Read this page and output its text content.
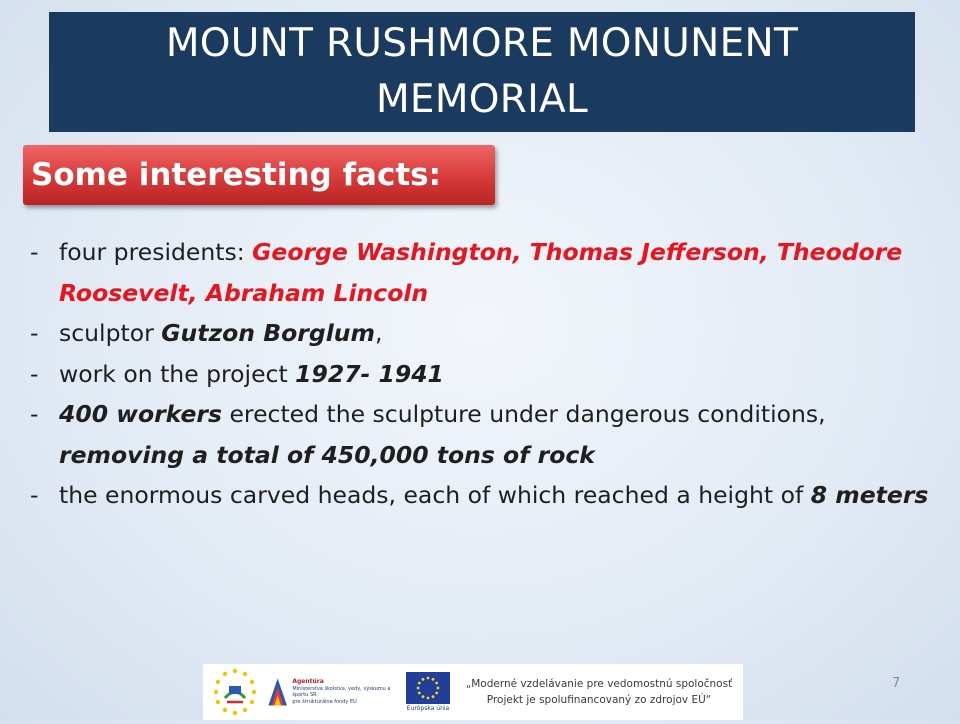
MOUNT RUSHMORE MONUNENT MEMORIAL
Some interesting facts:
- four presidents: George Washington, Thomas Jefferson, Theodore Roosevelt, Abraham Lincoln
- sculptor Gutzon Borglum,
- work on the project 1927- 1941
- 400 workers erected the sculpture under dangerous conditions, removing a total of 450,000 tons of rock
- the enormous carved heads, each of which reached a height of 8 meters
Agentúra
Ministerstva školstva, vedy, výskumu a športu SR
pre štrukturálne fondy EÚ
Európska únia
„Moderné vzdelávanie pre vedomostnú spoločnosť
Projekt je spolufinancovaný zo zdrojov EÚ“
7
